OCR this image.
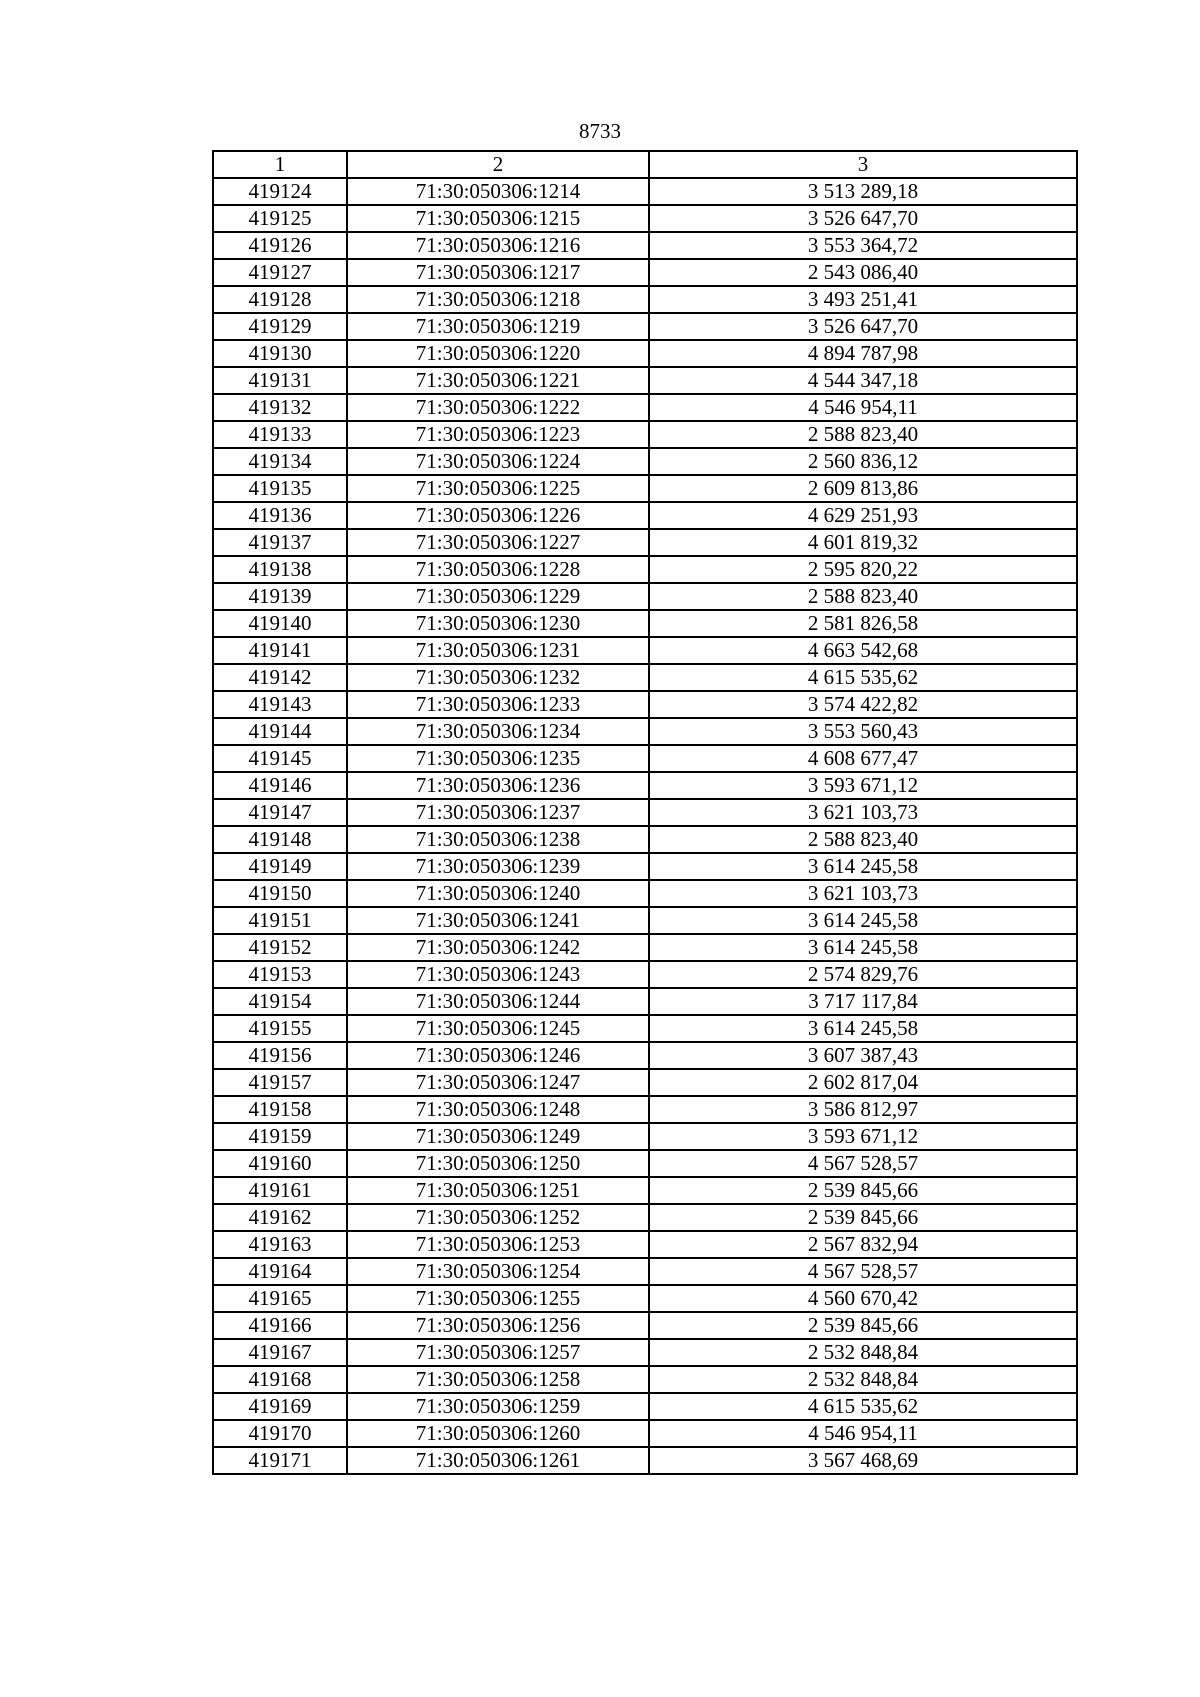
8733
1	2	3
419124	71:30:050306:1214	3 513 289,18
419125	71:30:050306:1215	3 526 647,70
419126	71:30:050306:1216	3 553 364,72
419127	71:30:050306:1217	2 543 086,40
419128	71:30:050306:1218	3 493 251,41
419129	71:30:050306:1219	3 526 647,70
419130	71:30:050306:1220	4 894 787,98
419131	71:30:050306:1221	4 544 347,18
419132	71:30:050306:1222	4 546 954,11
419133	71:30:050306:1223	2 588 823,40
419134	71:30:050306:1224	2 560 836,12
419135	71:30:050306:1225	2 609 813,86
419136	71:30:050306:1226	4 629 251,93
419137	71:30:050306:1227	4 601 819,32
419138	71:30:050306:1228	2 595 820,22
419139	71:30:050306:1229	2 588 823,40
419140	71:30:050306:1230	2 581 826,58
419141	71:30:050306:1231	4 663 542,68
419142	71:30:050306:1232	4 615 535,62
419143	71:30:050306:1233	3 574 422,82
419144	71:30:050306:1234	3 553 560,43
419145	71:30:050306:1235	4 608 677,47
419146	71:30:050306:1236	3 593 671,12
419147	71:30:050306:1237	3 621 103,73
419148	71:30:050306:1238	2 588 823,40
419149	71:30:050306:1239	3 614 245,58
419150	71:30:050306:1240	3 621 103,73
419151	71:30:050306:1241	3 614 245,58
419152	71:30:050306:1242	3 614 245,58
419153	71:30:050306:1243	2 574 829,76
419154	71:30:050306:1244	3 717 117,84
419155	71:30:050306:1245	3 614 245,58
419156	71:30:050306:1246	3 607 387,43
419157	71:30:050306:1247	2 602 817,04
419158	71:30:050306:1248	3 586 812,97
419159	71:30:050306:1249	3 593 671,12
419160	71:30:050306:1250	4 567 528,57
419161	71:30:050306:1251	2 539 845,66
419162	71:30:050306:1252	2 539 845,66
419163	71:30:050306:1253	2 567 832,94
419164	71:30:050306:1254	4 567 528,57
419165	71:30:050306:1255	4 560 670,42
419166	71:30:050306:1256	2 539 845,66
419167	71:30:050306:1257	2 532 848,84
419168	71:30:050306:1258	2 532 848,84
419169	71:30:050306:1259	4 615 535,62
419170	71:30:050306:1260	4 546 954,11
419171	71:30:050306:1261	3 567 468,69
